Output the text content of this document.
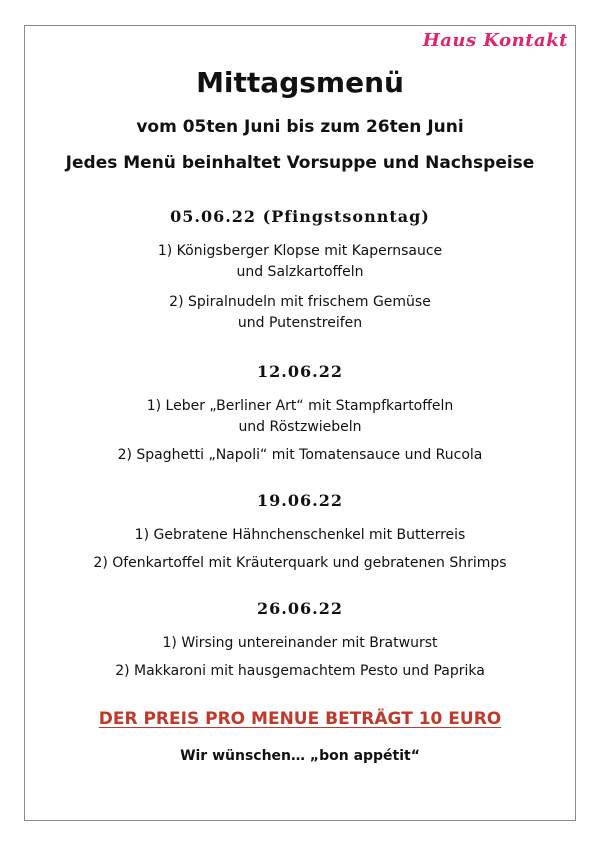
Haus Kontakt
Mittagsmenü

vom 05ten Juni bis zum 26ten Juni

Jedes Menü beinhaltet Vorsuppe und Nachspeise

05.06.22 (Pfingstsonntag)

1) Königsberger Klopse mit Kapernsauce
und Salzkartoffeln

2) Spiralnudeln mit frischem Gemüse
und Putenstreifen

12.06.22

1) Leber „Berliner Art“ mit Stampfkartoffeln
und Röstzwiebeln

2) Spaghetti „Napoli“ mit Tomatensauce und Rucola

19.06.22

1) Gebratene Hähnchenschenkel mit Butterreis

2) Ofenkartoffel mit Kräuterquark und gebratenen Shrimps

26.06.22

1) Wirsing untereinander mit Bratwurst

2) Makkaroni mit hausgemachtem Pesto und Paprika

DER PREIS PRO MENUE BETRÄGT 10 EURO

Wir wünschen… „bon appétit“
